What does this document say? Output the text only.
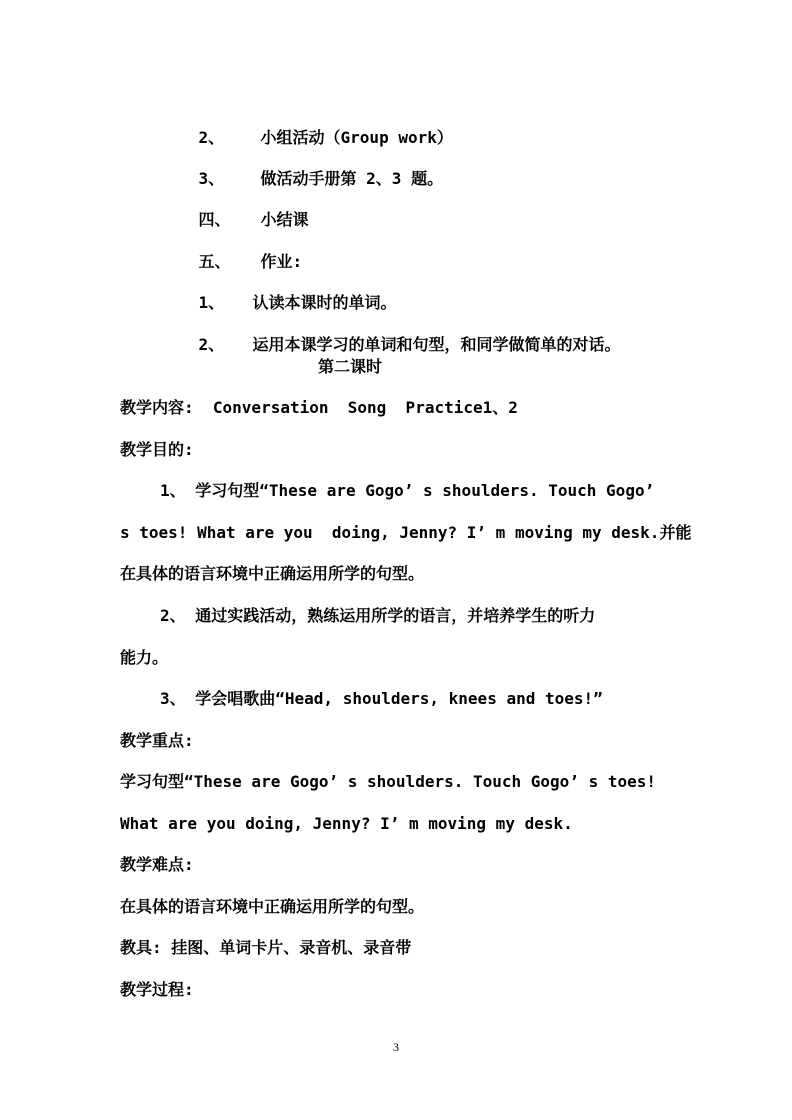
2、 小组活动（Group work）

3、 做活动手册第 2、3 题。

四、 小结课

五、 作业:

1、 认读本课时的单词。

2、 运用本课学习的单词和句型，和同学做简单的对话。

第二课时
教学内容:  Conversation  Song  Practice1、2
教学目的:
1、 学习句型“These are Gogo’ s shoulders. Touch Gogo’
s toes! What are you  doing, Jenny? I’ m moving my desk.并能
在具体的语言环境中正确运用所学的句型。
2、 通过实践活动，熟练运用所学的语言，并培养学生的听力
能力。
3、 学会唱歌曲“Head, shoulders, knees and toes!”
教学重点:
学习句型“These are Gogo’ s shoulders. Touch Gogo’ s toes!
What are you doing, Jenny? I’ m moving my desk.
教学难点:
在具体的语言环境中正确运用所学的句型。
教具: 挂图、单词卡片、录音机、录音带
教学过程:
3
